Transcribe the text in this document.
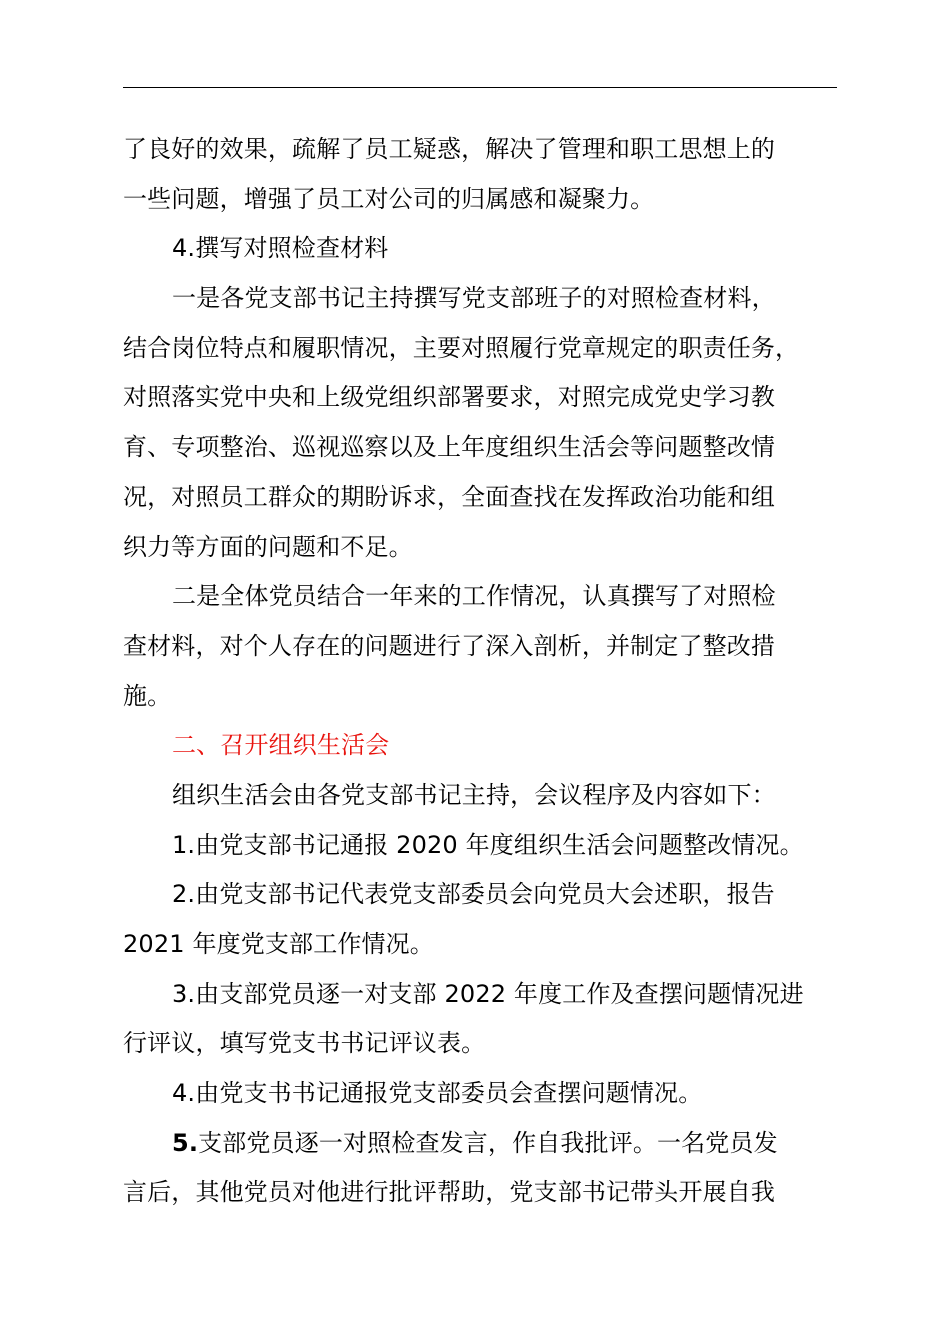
了良好的效果，疏解了员工疑惑，解决了管理和职工思想上的
一些问题，增强了员工对公司的归属感和凝聚力。
4.撰写对照检查材料
一是各党支部书记主持撰写党支部班子的对照检查材料，
结合岗位特点和履职情况，主要对照履行党章规定的职责任务，
对照落实党中央和上级党组织部署要求，对照完成党史学习教
育、专项整治、巡视巡察以及上年度组织生活会等问题整改情
况，对照员工群众的期盼诉求，全面查找在发挥政治功能和组
织力等方面的问题和不足。
二是全体党员结合一年来的工作情况，认真撰写了对照检
查材料，对个人存在的问题进行了深入剖析，并制定了整改措
施。
二、召开组织生活会
组织生活会由各党支部书记主持，会议程序及内容如下：
1.由党支部书记通报 2020 年度组织生活会问题整改情况。
2.由党支部书记代表党支部委员会向党员大会述职，报告
2021 年度党支部工作情况。
3.由支部党员逐一对支部 2022 年度工作及查摆问题情况进
行评议，填写党支书书记评议表。
4.由党支书书记通报党支部委员会查摆问题情况。
5.支部党员逐一对照检查发言，作自我批评。一名党员发
言后，其他党员对他进行批评帮助，党支部书记带头开展自我
